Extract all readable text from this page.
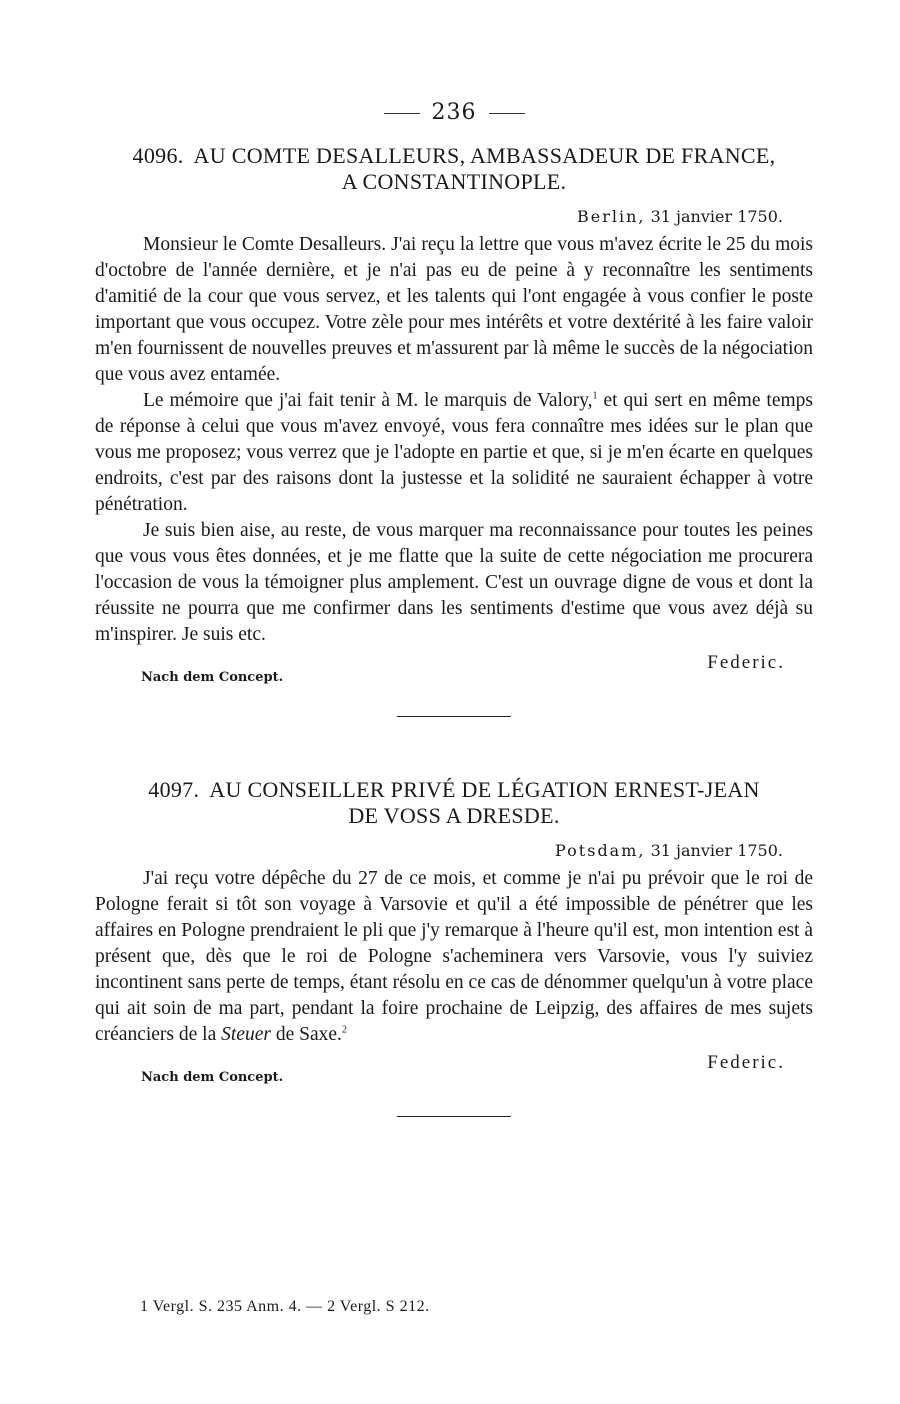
236
4096. AU COMTE DESALLEURS, AMBASSADEUR DE FRANCE,
A CONSTANTINOPLE.
Berlin, 31 janvier 1750.

Monsieur le Comte Desalleurs. J'ai reçu la lettre que vous m'avez écrite le 25 du mois d'octobre de l'année dernière, et je n'ai pas eu de peine à y reconnaître les sentiments d'amitié de la cour que vous servez, et les talents qui l'ont engagée à vous confier le poste important que vous occupez. Votre zèle pour mes intérêts et votre dextérité à les faire valoir m'en fournissent de nouvelles preuves et m'assurent par là même le succès de la négociation que vous avez entamée.

Le mémoire que j'ai fait tenir à M. le marquis de Valory,$^1$ et qui sert en même temps de réponse à celui que vous m'avez envoyé, vous fera connaître mes idées sur le plan que vous me proposez; vous verrez que je l'adopte en partie et que, si je m'en écarte en quelques endroits, c'est par des raisons dont la justesse et la solidité ne sauraient échapper à votre pénétration.

Je suis bien aise, au reste, de vous marquer ma reconnaissance pour toutes les peines que vous vous êtes données, et je me flatte que la suite de cette négociation me procurera l'occasion de vous la témoigner plus amplement. C'est un ouvrage digne de vous et dont la réussite ne pourra que me confirmer dans les sentiments d'estime que vous avez déjà su m'inspirer. Je suis etc.

Nach dem Concept.
Federic.
4097. AU CONSEILLER PRIVÉ DE LÉGATION ERNEST-JEAN
DE VOSS A DRESDE.
Potsdam, 31 janvier 1750.

J'ai reçu votre dépêche du 27 de ce mois, et comme je n'ai pu prévoir que le roi de Pologne ferait si tôt son voyage à Varsovie et qu'il a été impossible de pénétrer que les affaires en Pologne prendraient le pli que j'y remarque à l'heure qu'il est, mon intention est à présent que, dès que le roi de Pologne s'acheminera vers Varsovie, vous l'y suiviez incontinent sans perte de temps, étant résolu en ce cas de dénommer quelqu'un à votre place qui ait soin de ma part, pendant la foire prochaine de Leipzig, des affaires de mes sujets créanciers de la Steuer de Saxe.$^2$

Nach dem Concept.
Federic.
1 Vergl. S. 235 Anm. 4. — 2 Vergl. S 212.
